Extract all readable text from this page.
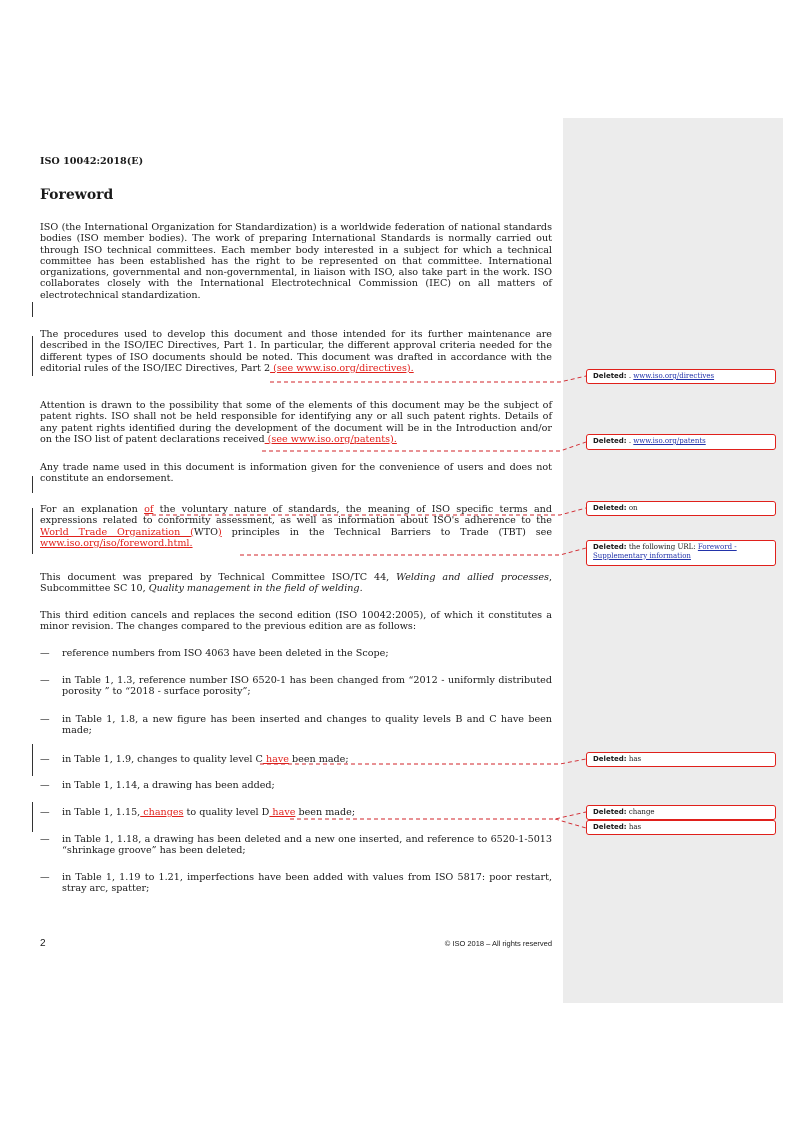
ISO 10042:2018(E)
Foreword

ISO (the International Organization for Standardization) is a worldwide federation of national standards bodies (ISO member bodies). The work of preparing International Standards is normally carried out through ISO technical committees. Each member body interested in a subject for which a technical committee has been established has the right to be represented on that committee. International organizations, governmental and non-governmental, in liaison with ISO, also take part in the work. ISO collaborates closely with the International Electrotechnical Commission (IEC) on all matters of electrotechnical standardization.

The procedures used to develop this document and those intended for its further maintenance are described in the ISO/IEC Directives, Part 1. In particular, the different approval criteria needed for the different types of ISO documents should be noted. This document was drafted in accordance with the editorial rules of the ISO/IEC Directives, Part 2 (see www.iso.org/directives).

Attention is drawn to the possibility that some of the elements of this document may be the subject of patent rights. ISO shall not be held responsible for identifying any or all such patent rights. Details of any patent rights identified during the development of the document will be in the Introduction and/or on the ISO list of patent declarations received (see www.iso.org/patents).

Any trade name used in this document is information given for the convenience of users and does not constitute an endorsement.

For an explanation of the voluntary nature of standards, the meaning of ISO specific terms and expressions related to conformity assessment, as well as information about ISO's adherence to the World Trade Organization (WTO) principles in the Technical Barriers to Trade (TBT) see www.iso.org/iso/foreword.html.

This document was prepared by Technical Committee ISO/TC 44, Welding and allied processes, Subcommittee SC 10, Quality management in the field of welding.

This third edition cancels and replaces the second edition (ISO 10042:2005), of which it constitutes a minor revision. The changes compared to the previous edition are as follows:

— reference numbers from ISO 4063 have been deleted in the Scope;
— in Table 1, 1.3, reference number ISO 6520-1 has been changed from “2012 - uniformly distributed porosity ” to “2018 - surface porosity”;
— in Table 1, 1.8, a new figure has been inserted and changes to quality levels B and C have been made;
— in Table 1, 1.9, changes to quality level C have been made;
— in Table 1, 1.14, a drawing has been added;
— in Table 1, 1.15, changes to quality level D have been made;
— in Table 1, 1.18, a drawing has been deleted and a new one inserted, and reference to 6520-1-5013 “shrinkage groove” has been deleted;
— in Table 1, 1.19 to 1.21, imperfections have been added with values from ISO 5817: poor restart, stray arc, spatter;
Deleted: . www.iso.org/directives
Deleted: . www.iso.org/patents
Deleted: on
Deleted: the following URL: Foreword - Supplementary information
Deleted: has
Deleted: change
Deleted: has
2	© ISO 2018 – All rights reserved
